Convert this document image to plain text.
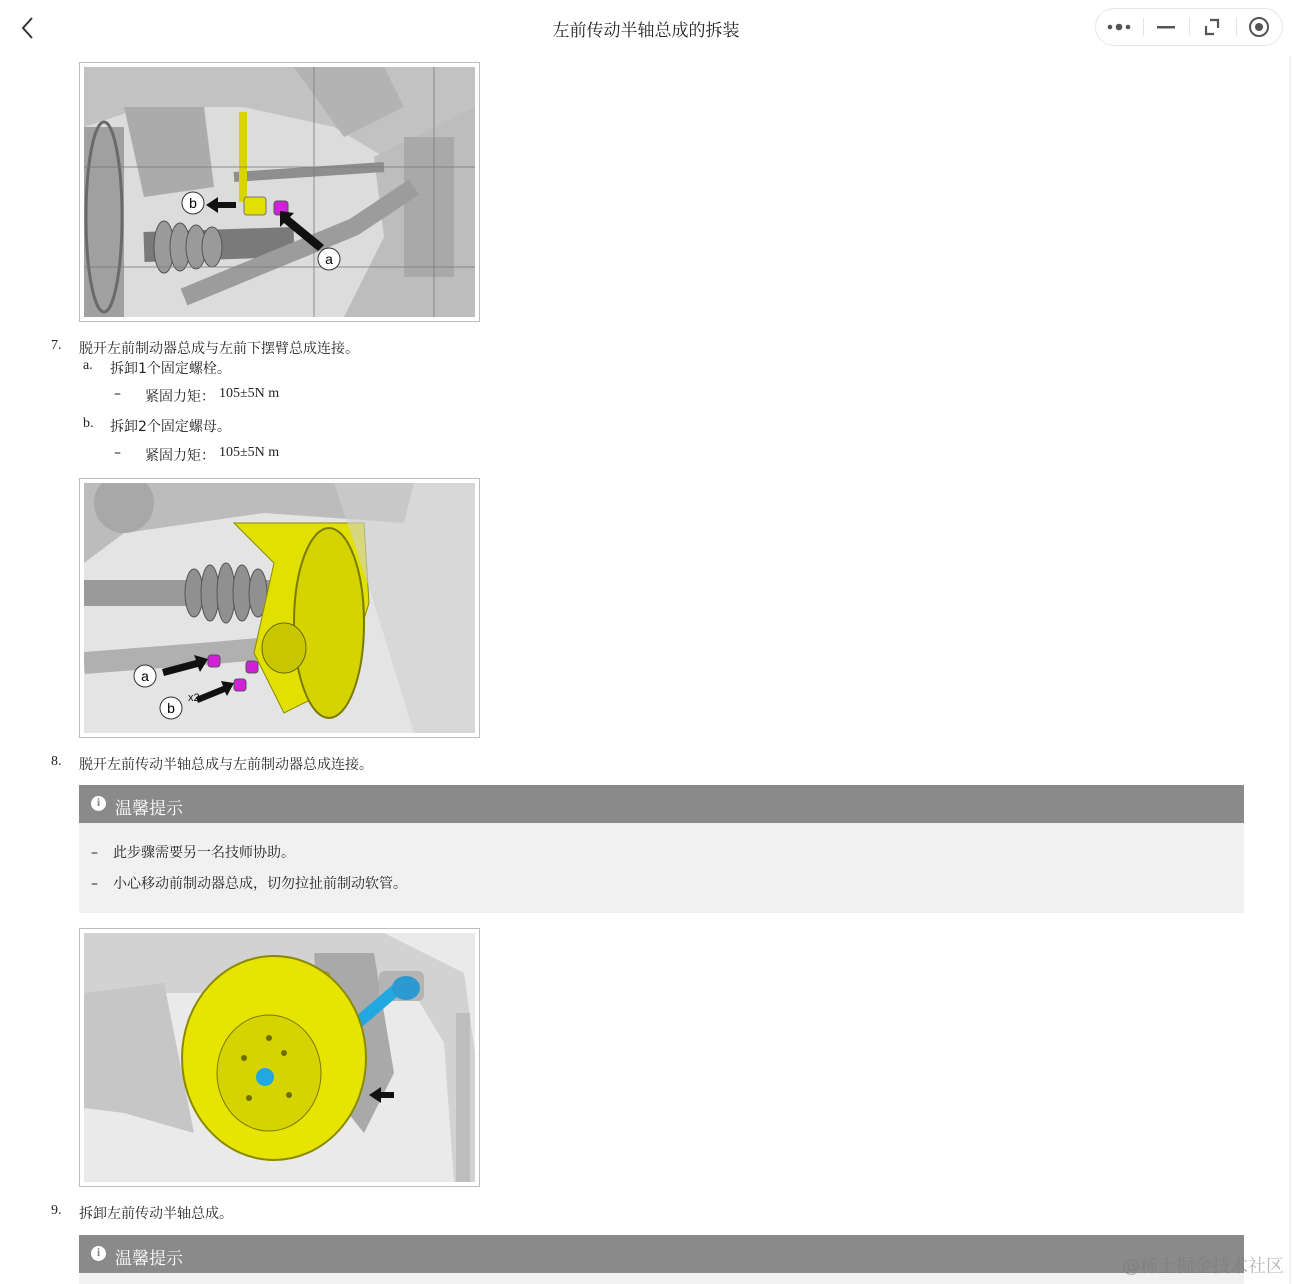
左前传动半轴总成的拆装
b
a
7. 脱开左前制动器总成与左前下摆臂总成连接。
a. 拆卸1个固定螺栓。
– 紧固力矩： 105±5N m
b. 拆卸2个固定螺母。
– 紧固力矩： 105±5N m
a
b
x2
8. 脱开左前传动半轴总成与左前制动器总成连接。
i
温馨提示
– 此步骤需要另一名技师协助。
– 小心移动前制动器总成，切勿拉扯前制动软管。
9. 拆卸左前传动半轴总成。
i
温馨提示	@稀土掘金技术社区
